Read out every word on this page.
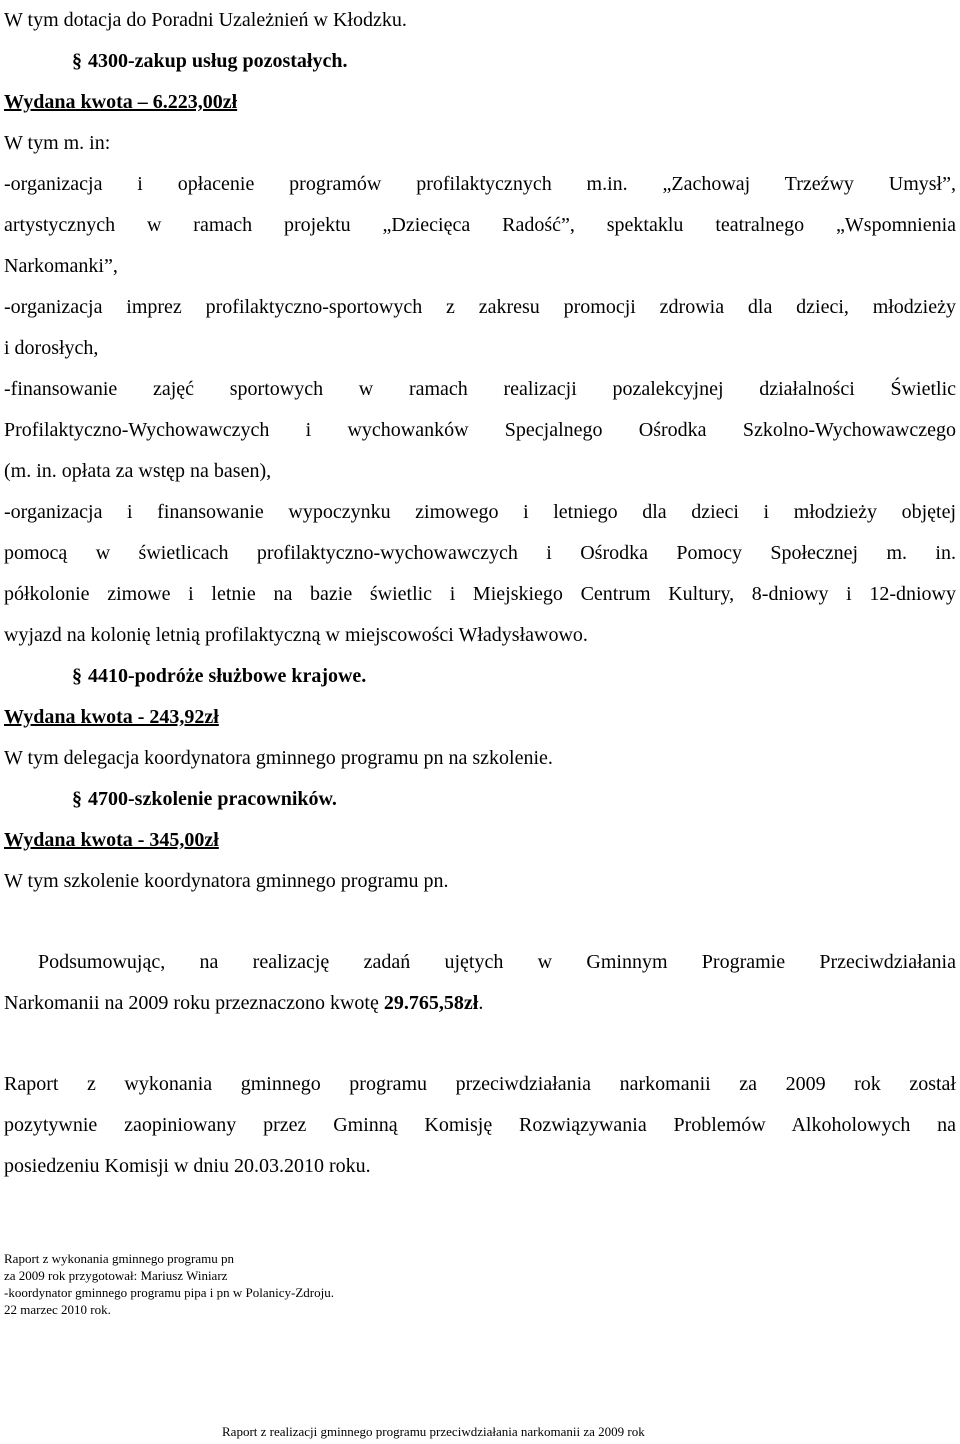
W tym dotacja do Poradni Uzależnień w Kłodzku.

§ 4300-zakup usług pozostałych.

Wydana kwota – 6.223,00zł

W tym m. in:

-organizacja i opłacenie programów profilaktycznych m.in. „Zachowaj Trzeźwy Umysł”,

artystycznych w ramach projektu „Dziecięca Radość”, spektaklu teatralnego „Wspomnienia

Narkomanki”,

-organizacja imprez profilaktyczno-sportowych z zakresu promocji zdrowia dla dzieci, młodzieży

i dorosłych,

-finansowanie zajęć sportowych w ramach realizacji pozalekcyjnej działalności Świetlic

Profilaktyczno-Wychowawczych i wychowanków Specjalnego Ośrodka Szkolno-Wychowawczego

(m. in. opłata za wstęp na basen),

-organizacja i finansowanie wypoczynku zimowego i letniego dla dzieci i młodzieży objętej

pomocą w świetlicach profilaktyczno-wychowawczych i Ośrodka Pomocy Społecznej m. in.

półkolonie zimowe i letnie na bazie świetlic i Miejskiego Centrum Kultury, 8-dniowy i 12-dniowy

wyjazd na kolonię letnią profilaktyczną w miejscowości Władysławowo.

§ 4410-podróże służbowe krajowe.

Wydana kwota - 243,92zł

W tym delegacja koordynatora gminnego programu pn na szkolenie.

§ 4700-szkolenie pracowników.

Wydana kwota - 345,00zł

W tym szkolenie koordynatora gminnego programu pn.

Podsumowując, na realizację zadań ujętych w Gminnym Programie Przeciwdziałania

Narkomanii na 2009 roku przeznaczono kwotę 29.765,58zł.

Raport z wykonania gminnego programu przeciwdziałania narkomanii za 2009 rok został

pozytywnie zaopiniowany przez Gminną Komisję Rozwiązywania Problemów Alkoholowych na

posiedzeniu Komisji w dniu 20.03.2010 roku.

Raport z wykonania gminnego programu pn
za 2009 rok przygotował: Mariusz Winiarz
-koordynator gminnego programu pipa i pn w Polanicy-Zdroju.
22 marzec 2010 rok.
Raport z realizacji gminnego programu przeciwdziałania narkomanii za 2009 rok
